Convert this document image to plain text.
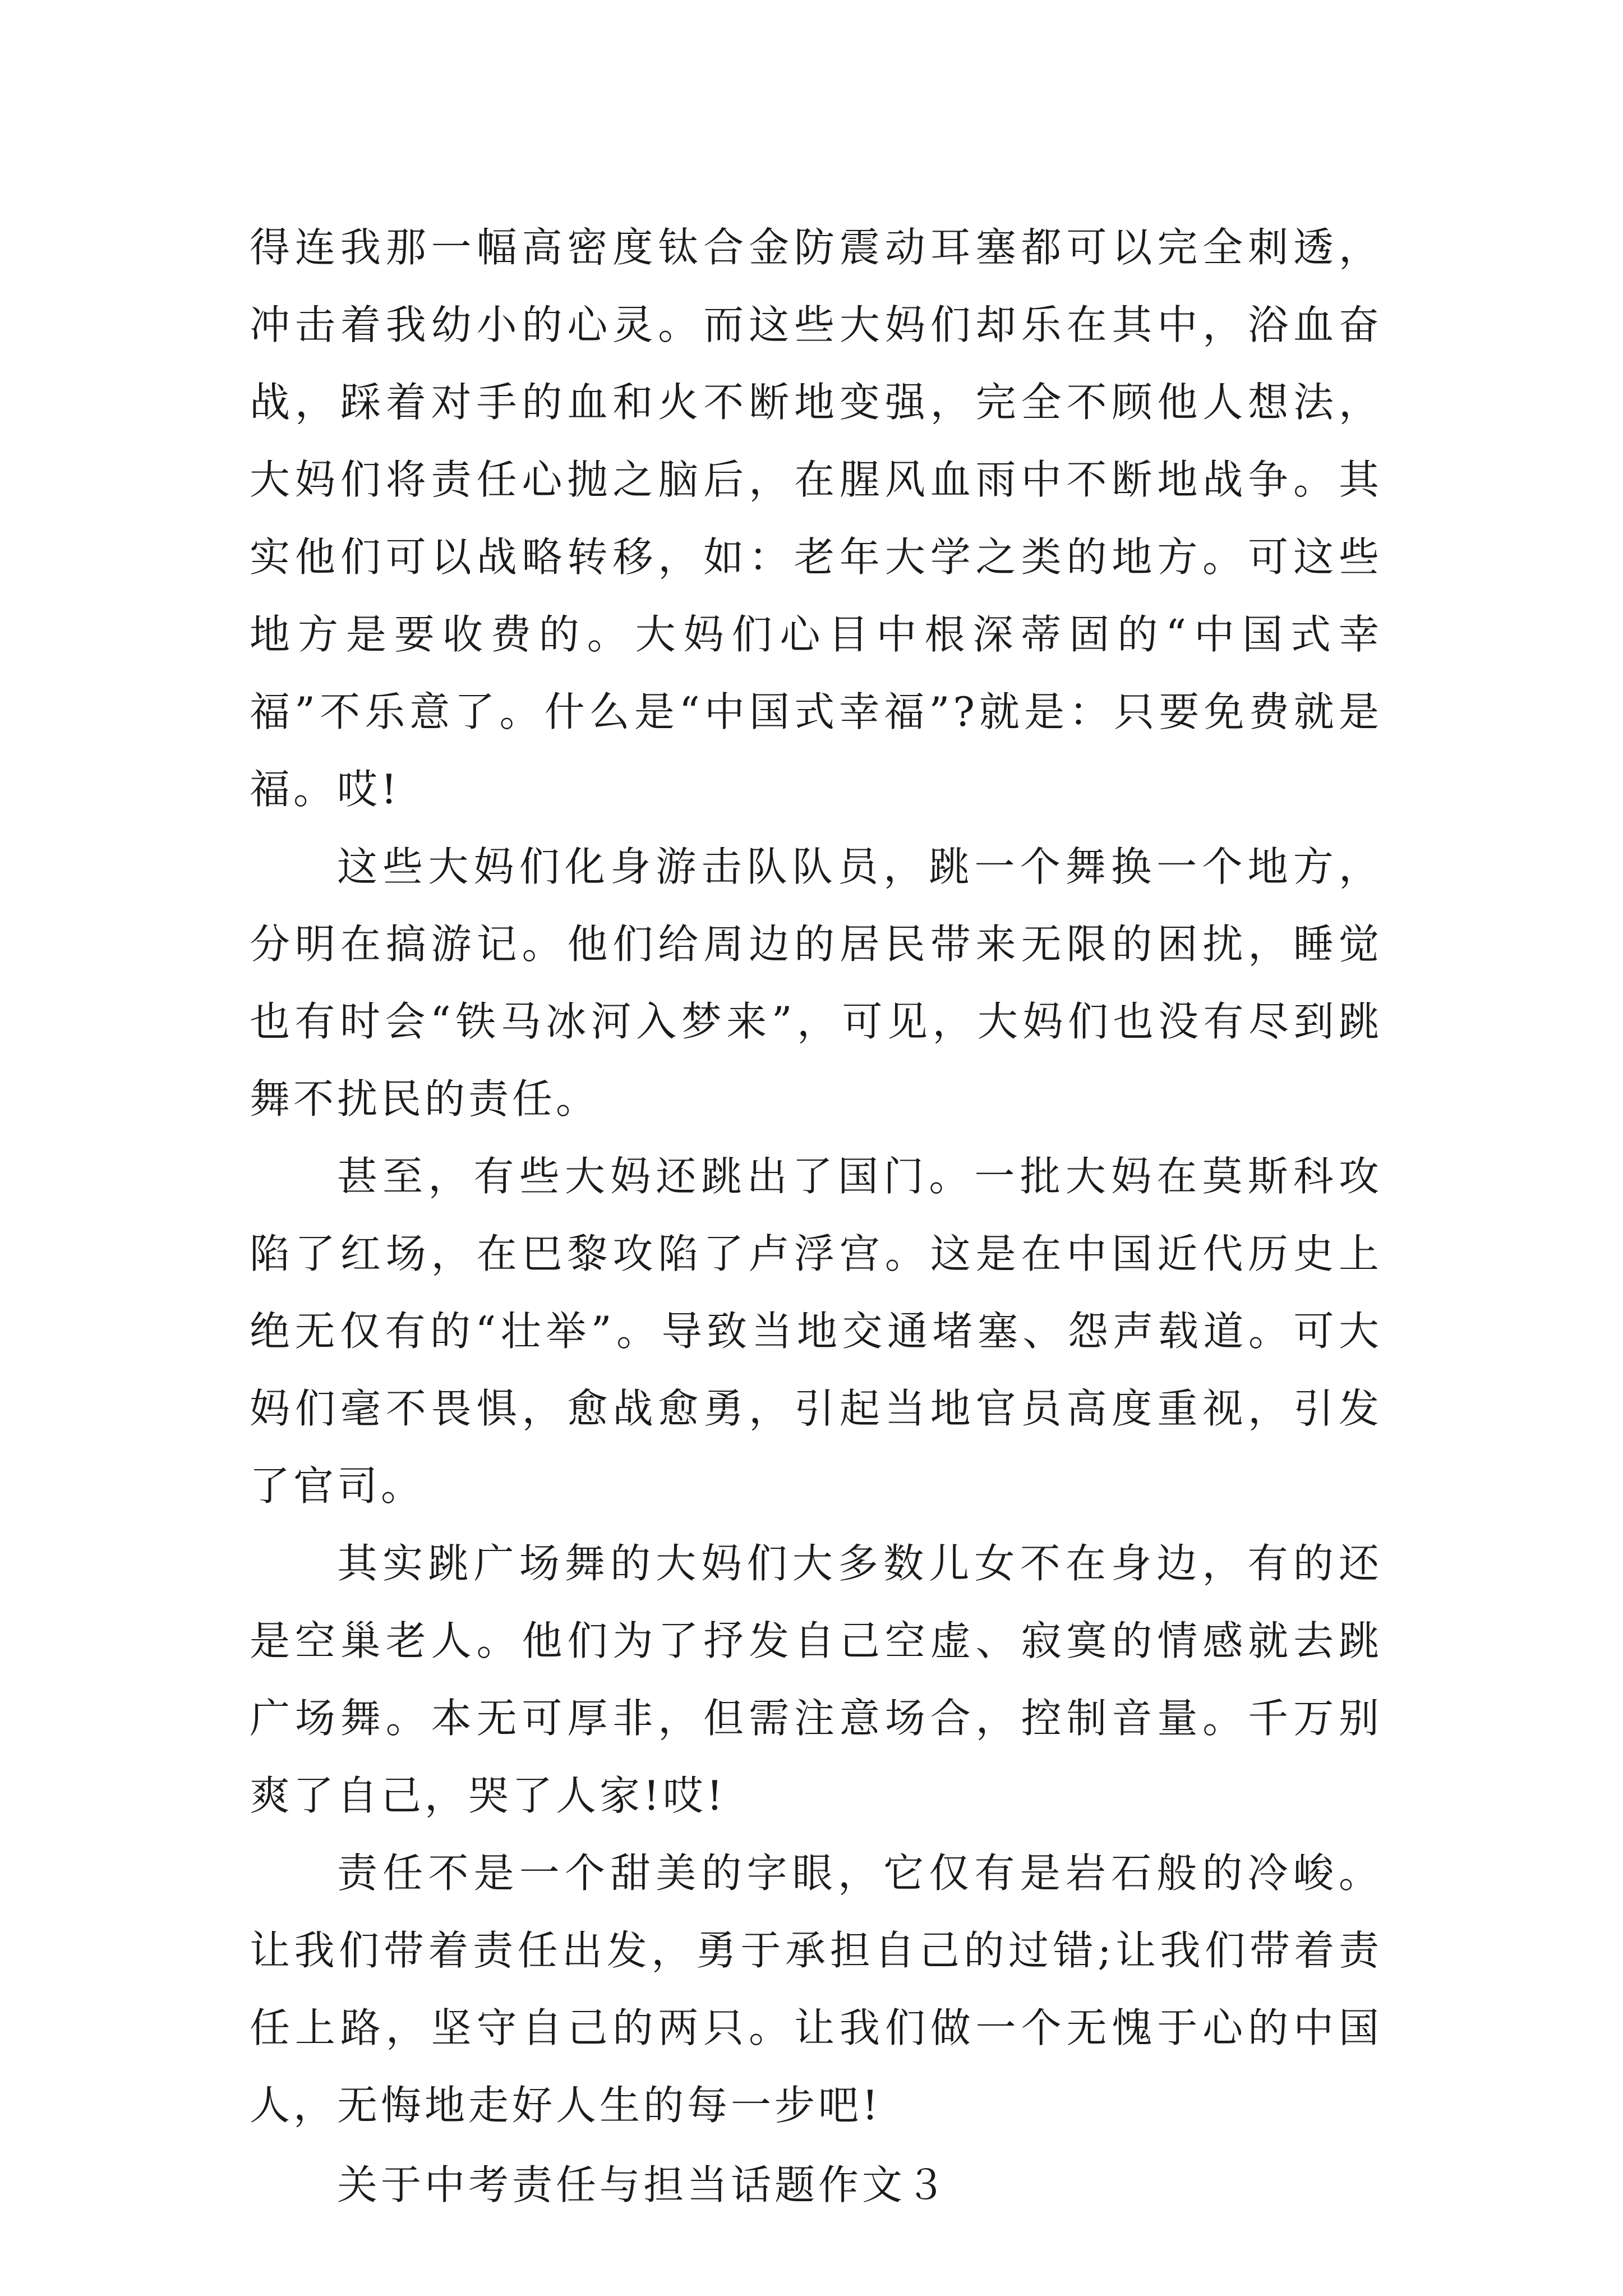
得连我那一幅高密度钛合金防震动耳塞都可以完全刺透，冲击着我幼小的心灵。而这些大妈们却乐在其中，浴血奋战，踩着对手的血和火不断地变强，完全不顾他人想法，大妈们将责任心抛之脑后，在腥风血雨中不断地战争。其实他们可以战略转移，如：老年大学之类的地方。可这些地方是要收费的。大妈们心目中根深蒂固的“中国式幸福”不乐意了。什么是“中国式幸福”?就是：只要免费就是福。哎!

这些大妈们化身游击队队员，跳一个舞换一个地方，分明在搞游记。他们给周边的居民带来无限的困扰，睡觉也有时会“铁马冰河入梦来”，可见，大妈们也没有尽到跳舞不扰民的责任。

甚至，有些大妈还跳出了国门。一批大妈在莫斯科攻陷了红场，在巴黎攻陷了卢浮宫。这是在中国近代历史上绝无仅有的“壮举”。导致当地交通堵塞、怨声载道。可大妈们毫不畏惧，愈战愈勇，引起当地官员高度重视，引发了官司。

其实跳广场舞的大妈们大多数儿女不在身边，有的还是空巢老人。他们为了抒发自己空虚、寂寞的情感就去跳广场舞。本无可厚非，但需注意场合，控制音量。千万别爽了自己，哭了人家!哎!

责任不是一个甜美的字眼，它仅有是岩石般的冷峻。让我们带着责任出发，勇于承担自己的过错;让我们带着责任上路，坚守自己的两只。让我们做一个无愧于心的中国人，无悔地走好人生的每一步吧!

关于中考责任与担当话题作文３
